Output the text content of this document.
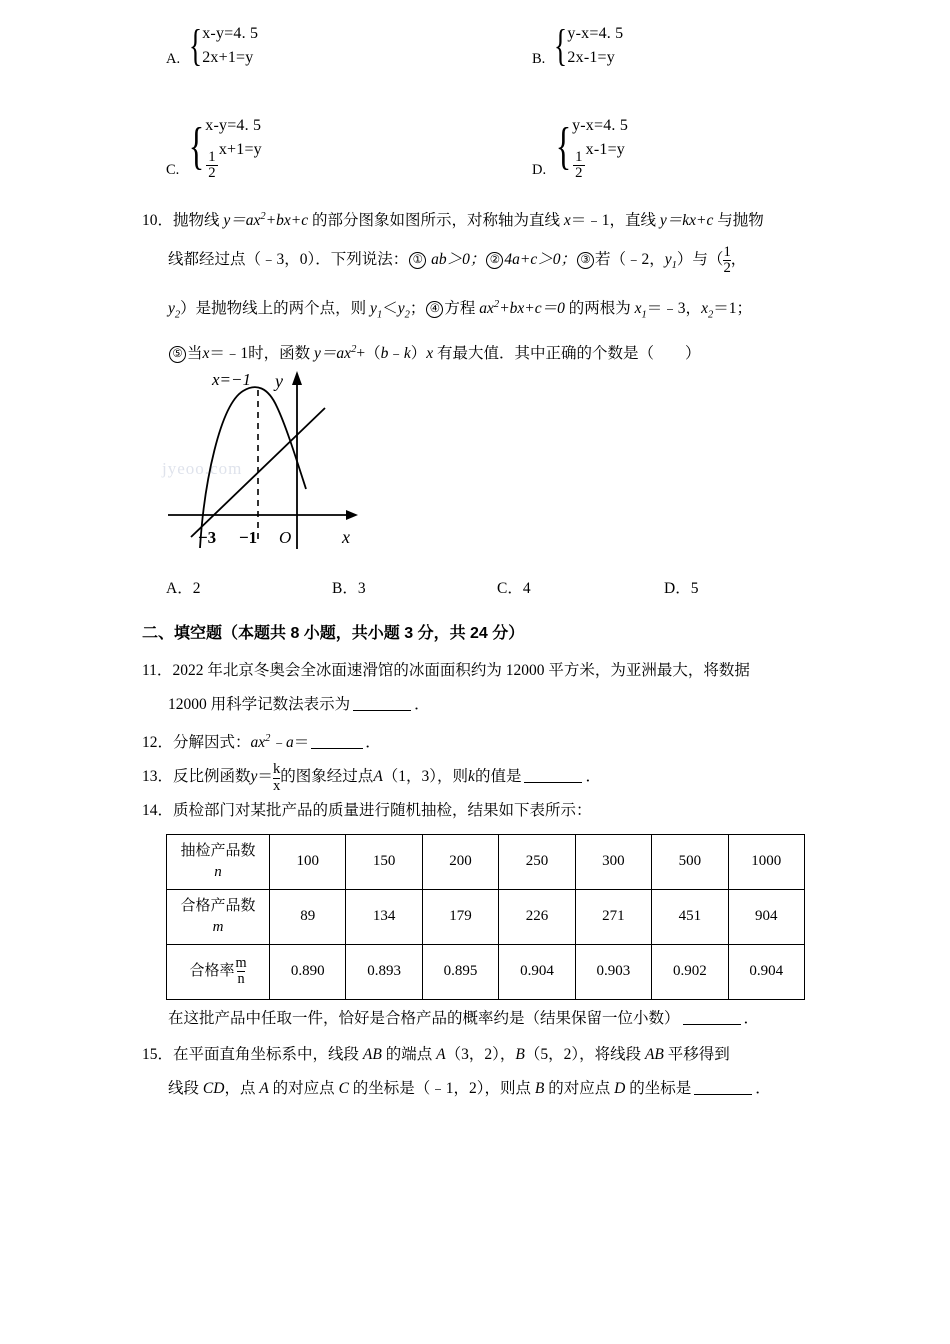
A. { x-y=4. 5
2x+1=y	B. { y-x=4. 5
2x-1=y
C. { x-y=4. 5
$\frac{1}{2}$
x+1=y
D. { y-x=4. 5
$\frac{1}{2}$
x-1=y
10．抛物线 $y=ax^2+bx+c$ 的部分图象如图所示，对称轴为直线 x＝﹣1，直线 y＝kx+c 与抛物
线都经过点（﹣3，0）．下列说法： ① ab＞0； ② 4a+c＞0； ③ 若（﹣2，$y_1$）与（ $\frac{1}{2}$ ，
$y_2$）是抛物线上的两个点，则 $y_1<y_2$； ④ 方程 $ax^2+bx+c=0$ 的两根为 $x_1=﹣3$，$x_2=1$；
⑤ 当x＝﹣1时，函数 $y=ax^2+(b﹣k)x$ 有最大值．其中正确的个数是（　　）
jyeoo.com
x=−1 y
x
O
−3 −1
A．2	B．3	C．4	D．5
二、填空题（本题共 8 小题，共小题 3 分，共 24 分）
11．2022 年北京冬奥会全冰面速滑馆的冰面面积约为 12000 平方米，为亚洲最大，将数据
12000 用科学记数法表示为	．
12．分解因式：$ax^2﹣a=$	．
13．反比例函数$y= \frac{k}{x}$ 的图象经过点A（1，3），则k的值是	．
14．质检部门对某批产品的质量进行随机抽检，结果如下表所示：
抽检产品数
n	100	150	200	250	300	500	1000

合格产品数
m	89	134	179	226	271	451	904

合格率 $\frac{m}{n}$	0.890	0.893	0.895	0.904	0.903	0.902	0.904
在这批产品中任取一件，恰好是合格产品的概率约是（结果保留一位小数）	．
15．在平面直角坐标系中，线段 AB 的端点 A（3，2），B（5，2），将线段 AB 平移得到
线段 CD，点 A 的对应点 C 的坐标是（﹣1，2），则点 B 的对应点 D 的坐标是	．
